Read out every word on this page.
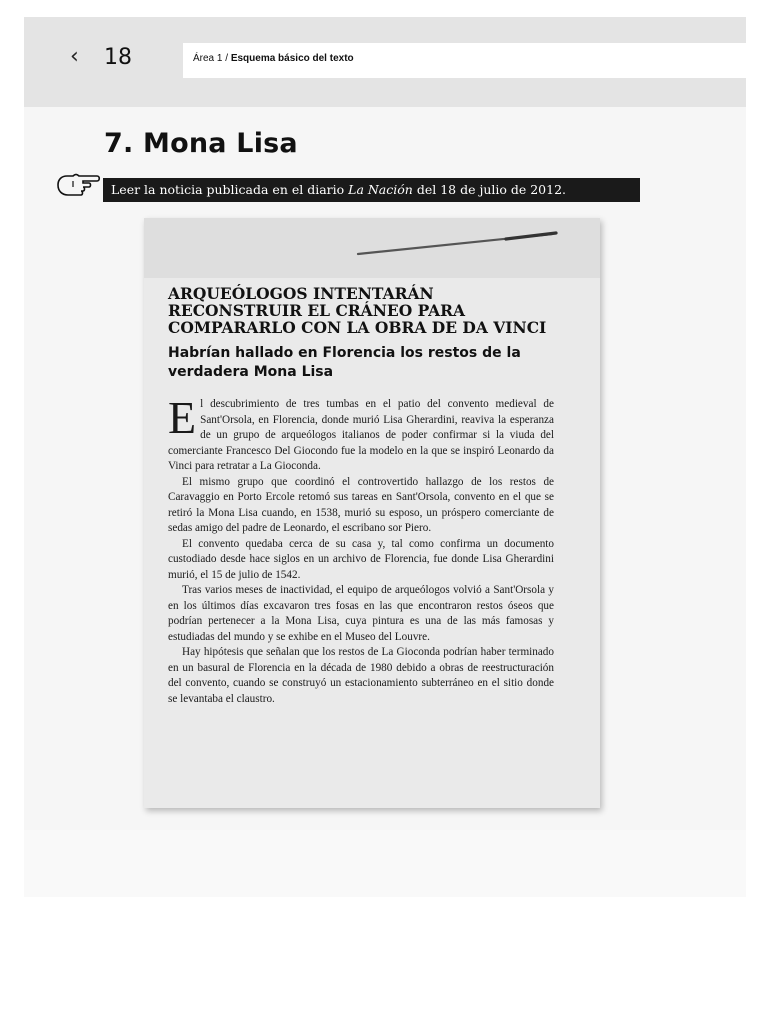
‹ 18	Área 1 / Esquema básico del texto
7. Mona Lisa
Leer la noticia publicada en el diario La Nación del 18 de julio de 2012.
ARQUEÓLOGOS INTENTARÁN RECONSTRUIR EL CRÁNEO PARA COMPARARLO CON LA OBRA DE DA VINCI
Habrían hallado en Florencia los restos de la verdadera Mona Lisa

El descubrimiento de tres tumbas en el patio del convento medieval de Sant'Orsola, en Florencia, donde murió Lisa Gherardini, reaviva la esperanza de un grupo de arqueólogos italianos de poder confirmar si la viuda del comerciante Francesco Del Giocondo fue la modelo en la que se inspiró Leonardo da Vinci para retratar a La Gioconda.

El mismo grupo que coordinó el controvertido hallazgo de los restos de Caravaggio en Porto Ercole retomó sus tareas en Sant'Orsola, convento en el que se retiró la Mona Lisa cuando, en 1538, murió su esposo, un próspero comerciante de sedas amigo del padre de Leonardo, el escribano sor Piero.

El convento quedaba cerca de su casa y, tal como confirma un documento custodiado desde hace siglos en un archivo de Florencia, fue donde Lisa Gherardini murió, el 15 de julio de 1542.

Tras varios meses de inactividad, el equipo de arqueólogos volvió a Sant'Orsola y en los últimos días excavaron tres fosas en las que encontraron restos óseos que podrían pertenecer a la Mona Lisa, cuya pintura es una de las más famosas y estudiadas del mundo y se exhibe en el Museo del Louvre.

Hay hipótesis que señalan que los restos de La Gioconda podrían haber terminado en un basural de Florencia en la década de 1980 debido a obras de reestructuración del convento, cuando se construyó un estacionamiento subterráneo en el sitio donde se levantaba el claustro.
